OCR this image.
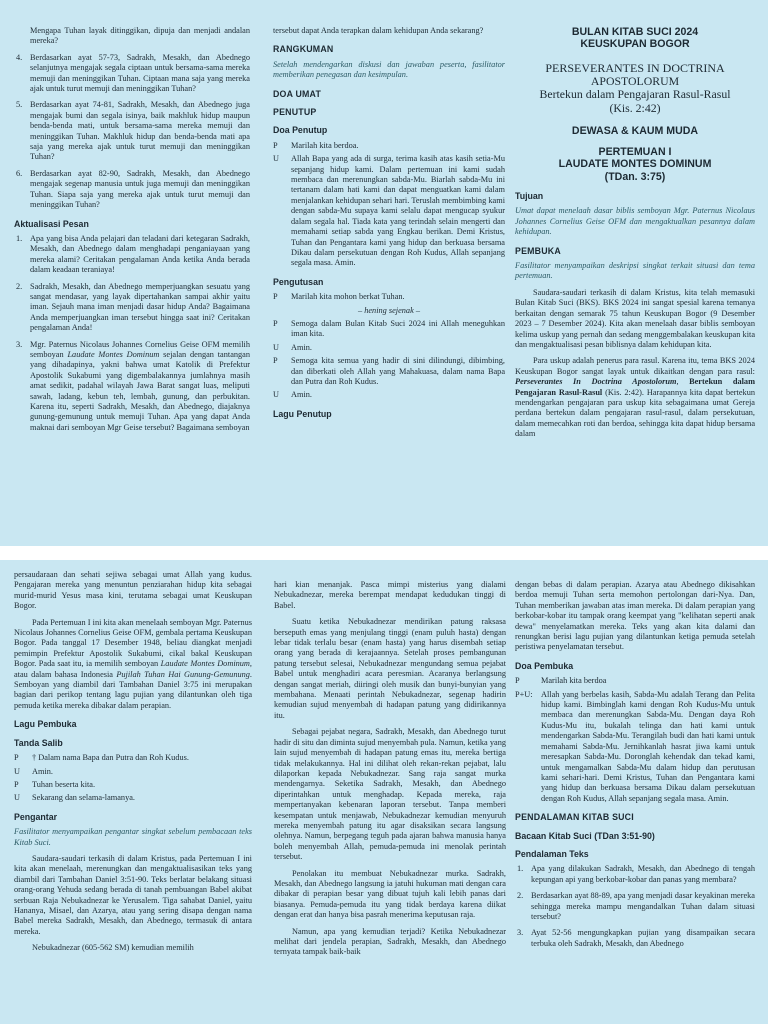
Mengapa Tuhan layak ditinggikan, dipuja dan menjadi andalan mereka?

4. Berdasarkan ayat 57-73, Sadrakh, Mesakh, dan Abednego selanjutnya mengajak segala ciptaan untuk bersama-sama mereka memuji dan meninggikan Tuhan. Ciptaan mana saja yang mereka ajak untuk turut memuji dan meninggikan Tuhan?
5. Berdasarkan ayat 74-81, Sadrakh, Mesakh, dan Abednego juga mengajak bumi dan segala isinya, baik makhluk hidup maupun benda-benda mati, untuk bersama-sama mereka memuji dan meninggikan Tuhan. Makhluk hidup dan benda-benda mati apa saja yang mereka ajak untuk turut memuji dan meninggikan Tuhan?
6. Berdasarkan ayat 82-90, Sadrakh, Mesakh, dan Abednego mengajak segenap manusia untuk juga memuji dan meninggikan Tuhan. Siapa saja yang mereka ajak untuk turut memuji dan meninggikan Tuhan?
Aktualisasi Pesan
1. Apa yang bisa Anda pelajari dan teladani dari ketegaran Sadrakh, Mesakh, dan Abednego dalam menghadapi penganiayaan yang mereka alami? Ceritakan pengalaman Anda ketika Anda berada dalam keadaan teraniaya!
2. Sadrakh, Mesakh, dan Abednego memperjuangkan sesuatu yang sangat mendasar, yang layak dipertahankan sampai akhir yaitu iman. Sejauh mana iman menjadi dasar hidup Anda? Bagaimana Anda memperjuangkan iman tersebut hingga saat ini? Ceritakan pengalaman Anda!
3. Mgr. Paternus Nicolaus Johannes Cornelius Geise OFM memilih semboyan Laudate Montes Dominum sejalan dengan tantangan yang dihadapinya, yakni bahwa umat Katolik di Prefektur Apostolik Sukabumi yang digembalakannya jumlahnya masih amat sedikit, padahal wilayah Jawa Barat sangat luas, meliputi sawah, ladang, kebun teh, lembah, gunung, dan perbukitan. Karena itu, seperti Sadrakh, Mesakh, dan Abednego, diajaknya gunung-gemunung untuk memuji Tuhan. Apa yang dapat Anda maknai dari semboyan Mgr Geise tersebut? Bagaimana semboyan

tersebut dapat Anda terapkan dalam kehidupan Anda sekarang?

RANGKUMAN

Setelah mendengarkan diskusi dan jawaban peserta, fasilitator memberikan penegasan dan kesimpulan.

DOA UMAT
PENUTUP
Doa Penutup
P	Marilah kita berdoa.
U	Allah Bapa yang ada di surga, terima kasih atas kasih setia-Mu sepanjang hidup kami. Dalam pertemuan ini kami sudah membaca dan merenungkan sabda-Mu. Biarlah sabda-Mu ini tertanam dalam hati kami dan dapat menguatkan kami dalam menjalankan kehidupan sehari hari. Teruslah membimbing kami dengan sabda-Mu supaya kami selalu dapat mengucap syukur dalam segala hal. Tiada kata yang terindah selain mengerti dan memahami setiap sabda yang Engkau berikan. Demi Kristus, Tuhan dan Pengantara kami yang hidup dan berkuasa bersama Dikau dalam persekutuan dengan Roh Kudus, Allah sepanjang segala masa. Amin.
Pengutusan
P	Marilah kita mohon berkat Tuhan.
– hening sejenak –
P	Semoga dalam Bulan Kitab Suci 2024 ini Allah meneguhkan iman kita.
U	Amin.
P	Semoga kita semua yang hadir di sini dilindungi, dibimbing, dan diberkati oleh Allah yang Mahakuasa, dalam nama Bapa dan Putra dan Roh Kudus.
U	Amin.
Lagu Penutup
BULAN KITAB SUCI 2024
KEUSKUPAN BOGOR
PERSEVERANTES IN DOCTRINA
APOSTOLORUM
Bertekun dalam Pengajaran Rasul-Rasul
(Kis. 2:42)
DEWASA & KAUM MUDA
PERTEMUAN I
LAUDATE MONTES DOMINUM
(TDan. 3:75)
Tujuan

Umat dapat menelaah dasar biblis semboyan Mgr. Paternus Nicolaus Johannes Cornelius Geise OFM dan mengaktualkan pesannya dalam kehidupan.

PEMBUKA

Fasilitator menyampaikan deskripsi singkat terkait situasi dan tema pertemuan.

Saudara-saudari terkasih di dalam Kristus, kita telah memasuki Bulan Kitab Suci (BKS). BKS 2024 ini sangat spesial karena temanya berkaitan dengan semarak 75 tahun Keuskupan Bogor (9 Desember 2023 – 7 Desember 2024). Kita akan menelaah dasar biblis semboyan kelima uskup yang pernah dan sedang menggembalakan keuskupan kita dan mengaktualisasi pesan biblisnya dalam kehidupan kita.

Para uskup adalah penerus para rasul. Karena itu, tema BKS 2024 Keuskupan Bogor sangat layak untuk dikaitkan dengan para rasul: Perseverantes In Doctrina Apostolorum, Bertekun dalam Pengajaran Rasul-Rasul (Kis. 2:42). Harapannya kita dapat bertekun mendengarkan pengajaran para uskup kita sebagaimana umat Gereja perdana bertekun dalam pengajaran rasul-rasul, dalam persekutuan, dalam memecahkan roti dan berdoa, sehingga kita dapat hidup bersama dalam

persaudaraan dan sehati sejiwa sebagai umat Allah yang kudus. Pengajaran mereka yang menuntun penziarahan hidup kita sebagai murid-murid Yesus masa kini, terutama sebagai umat Keuskupan Bogor.

Pada Pertemuan I ini kita akan menelaah semboyan Mgr. Paternus Nicolaus Johannes Cornelius Geise OFM, gembala pertama Keuskupan Bogor. Pada tanggal 17 Desember 1948, beliau diangkat menjadi pemimpin Prefektur Apostolik Sukabumi, cikal bakal Keuskupan Bogor. Pada saat itu, ia memilih semboyan Laudate Montes Dominum, atau dalam bahasa Indonesia Pujilah Tuhan Hai Gunung-Gemunung. Semboyan yang diambil dari Tambahan Daniel 3:75 ini merupakan bagian dari perikop tentang lagu pujian yang dilantunkan oleh tiga pemuda ketika mereka dibakar dalam perapian.

Lagu Pembuka
Tanda Salib
P	† Dalam nama Bapa dan Putra dan Roh Kudus.
U	Amin.
P	Tuhan beserta kita.
U	Sekarang dan selama-lamanya.
Pengantar

Fasilitator menyampaikan pengantar singkat sebelum pembacaan teks Kitab Suci.

Saudara-saudari terkasih di dalam Kristus, pada Pertemuan I ini kita akan menelaah, merenungkan dan mengaktualisasikan teks yang diambil dari Tambahan Daniel 3:51-90. Teks berlatar belakang situasi orang-orang Yehuda sedang berada di tanah pembuangan Babel akibat serbuan Raja Nebukadnezar ke Yerusalem. Tiga sahabat Daniel, yaitu Hananya, Misael, dan Azarya, atau yang sering disapa dengan nama Babel mereka Sadrakh, Mesakh, dan Abednego, termasuk di antara mereka.

Nebukadnezar (605-562 SM) kemudian memilih

hari kian menanjak. Pasca mimpi misterius yang dialami Nebukadnezar, mereka berempat mendapat kedudukan tinggi di Babel.

Suatu ketika Nebukadnezar mendirikan patung raksasa berseputh emas yang menjulang tinggi (enam puluh hasta) dengan lebar tidak terlalu besar (enam hasta) yang harus disembah setiap orang yang berada di kerajaannya. Setelah proses pembangunan patung tersebut selesai, Nebukadnezar mengundang semua pejabat Babel untuk menghadiri acara peresmian. Acaranya berlangsung dengan sangat meriah, diiringi oleh musik dan bunyi-bunyian yang membahana. Menaati perintah Nebukadnezar, segenap hadirin kemudian sujud menyembah di hadapan patung yang didirikannya itu.

Sebagai pejabat negara, Sadrakh, Mesakh, dan Abednego turut hadir di situ dan diminta sujud menyembah pula. Namun, ketika yang lain sujud menyembah di hadapan patung emas itu, mereka bertiga tidak melakukannya. Hal ini dilihat oleh rekan-rekan pejabat, lalu dilaporkan kepada Nebukadnezar. Sang raja sangat murka mendengarnya. Seketika Sadrakh, Mesakh, dan Abednego diperintahkan untuk menghadap. Kepada mereka, raja mempertanyakan kebenaran laporan tersebut. Tanpa memberi kesempatan untuk menjawab, Nebukadnezar kemudian menyuruh mereka menyembah patung itu agar disaksikan secara langsung olehnya. Namun, berpegang teguh pada ajaran bahwa manusia hanya boleh menyembah Allah, pemuda-pemuda ini menolak perintah tersebut.

Penolakan itu membuat Nebukadnezar murka. Sadrakh, Mesakh, dan Abednego langsung ia jatuhi hukuman mati dengan cara dibakar di perapian besar yang dibuat tujuh kali lebih panas dari biasanya. Pemuda-pemuda itu yang tidak berdaya karena diikat dengan erat dan hanya bisa pasrah menerima keputusan raja.

Namun, apa yang kemudian terjadi? Ketika Nebukadnezar melihat dari jendela perapian, Sadrakh, Mesakh, dan Abednego ternyata tampak baik-baik

dengan bebas di dalam perapian. Azarya atau Abednego dikisahkan berdoa memuji Tuhan serta memohon pertolongan dari-Nya. Dan, Tuhan memberikan jawaban atas iman mereka. Di dalam perapian yang berkobar-kobar itu tampak orang keempat yang "kelihatan seperti anak dewa" menyelamatkan mereka. Teks yang akan kita dalami dan renungkan berisi lagu pujian yang dilantunkan ketiga pemuda setelah peristiwa penyelamatan tersebut.

Doa Pembuka
P	Marilah kita berdoa
P+U:	Allah yang berbelas kasih, Sabda-Mu adalah Terang dan Pelita hidup kami. Bimbinglah kami dengan Roh Kudus-Mu untuk membaca dan merenungkan Sabda-Mu. Dengan daya Roh Kudus-Mu itu, bukalah telinga dan hati kami untuk mendengarkan Sabda-Mu. Terangilah budi dan hati kami untuk memahami Sabda-Mu. Jernihkanlah hasrat jiwa kami untuk meresapkan Sabda-Mu. Doronglah kehendak dan tekad kami, untuk mengamalkan Sabda-Mu dalam hidup dan perutusan kami sehari-hari. Demi Kristus, Tuhan dan Pengantara kami yang hidup dan berkuasa bersama Dikau dalam persekutuan dengan Roh Kudus, Allah sepanjang segala masa. Amin.
PENDALAMAN KITAB SUCI
Bacaan Kitab Suci (TDan 3:51-90)
Pendalaman Teks
1. Apa yang dilakukan Sadrakh, Mesakh, dan Abednego di tengah kepungan api yang berkobar-kobar dan panas yang membara?
2. Berdasarkan ayat 88-89, apa yang menjadi dasar keyakinan mereka sehingga mereka mampu mengandalkan Tuhan dalam situasi tersebut?
3. Ayat 52-56 mengungkapkan pujian yang disampaikan secara terbuka oleh Sadrakh, Mesakh, dan Abednego
